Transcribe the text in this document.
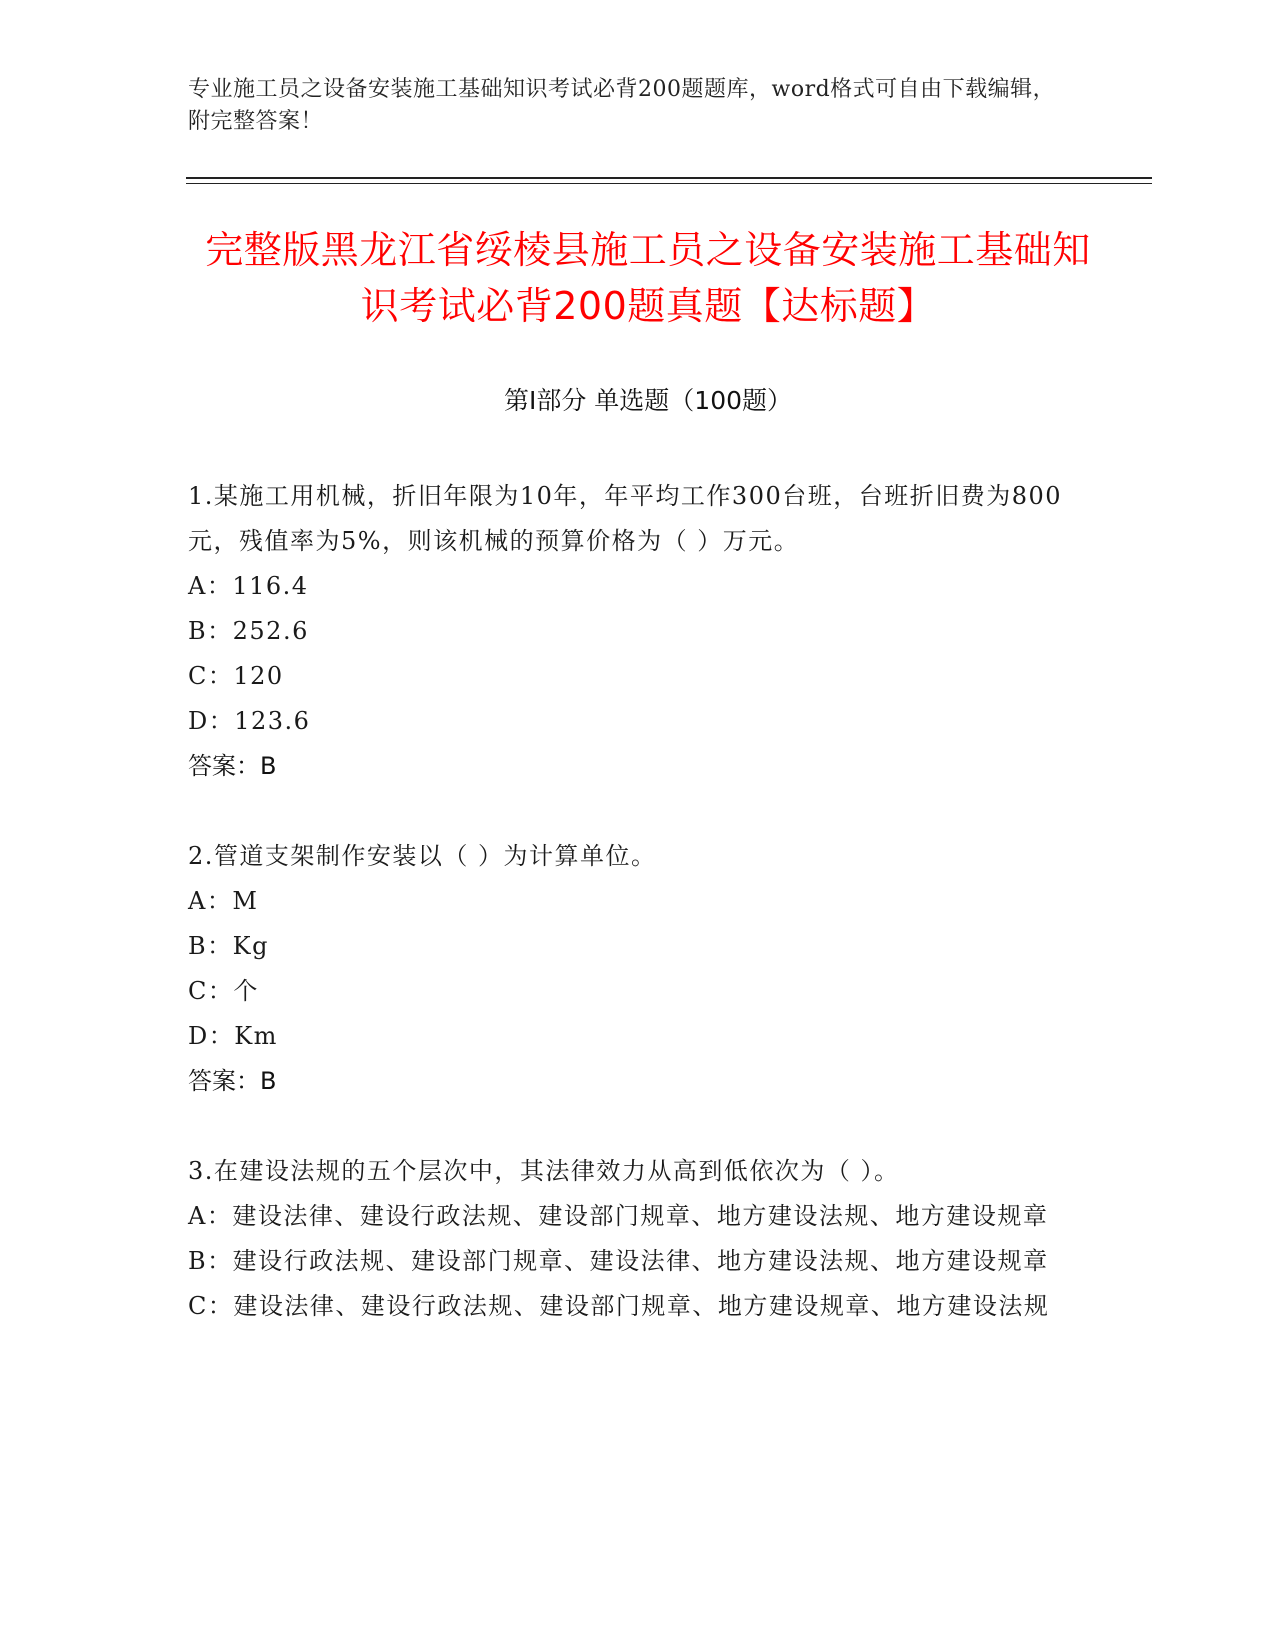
专业施工员之设备安装施工基础知识考试必背200题题库，word格式可自由下载编辑，附完整答案！
完整版黑龙江省绥棱县施工员之设备安装施工基础知识考试必背200题真题【达标题】
第Ⅰ部分 单选题（100题）
1.某施工用机械，折旧年限为10年，年平均工作300台班，台班折旧费为800元，残值率为5%，则该机械的预算价格为（ ）万元。
A：116.4
B：252.6
C：120
D：123.6
答案：B
2.管道支架制作安装以（ ）为计算单位。
A：M
B：Kg
C：个
D：Km
答案：B
3.在建设法规的五个层次中，其法律效力从高到低依次为（ ）。
A：建设法律、建设行政法规、建设部门规章、地方建设法规、地方建设规章
B：建设行政法规、建设部门规章、建设法律、地方建设法规、地方建设规章
C：建设法律、建设行政法规、建设部门规章、地方建设规章、地方建设法规
